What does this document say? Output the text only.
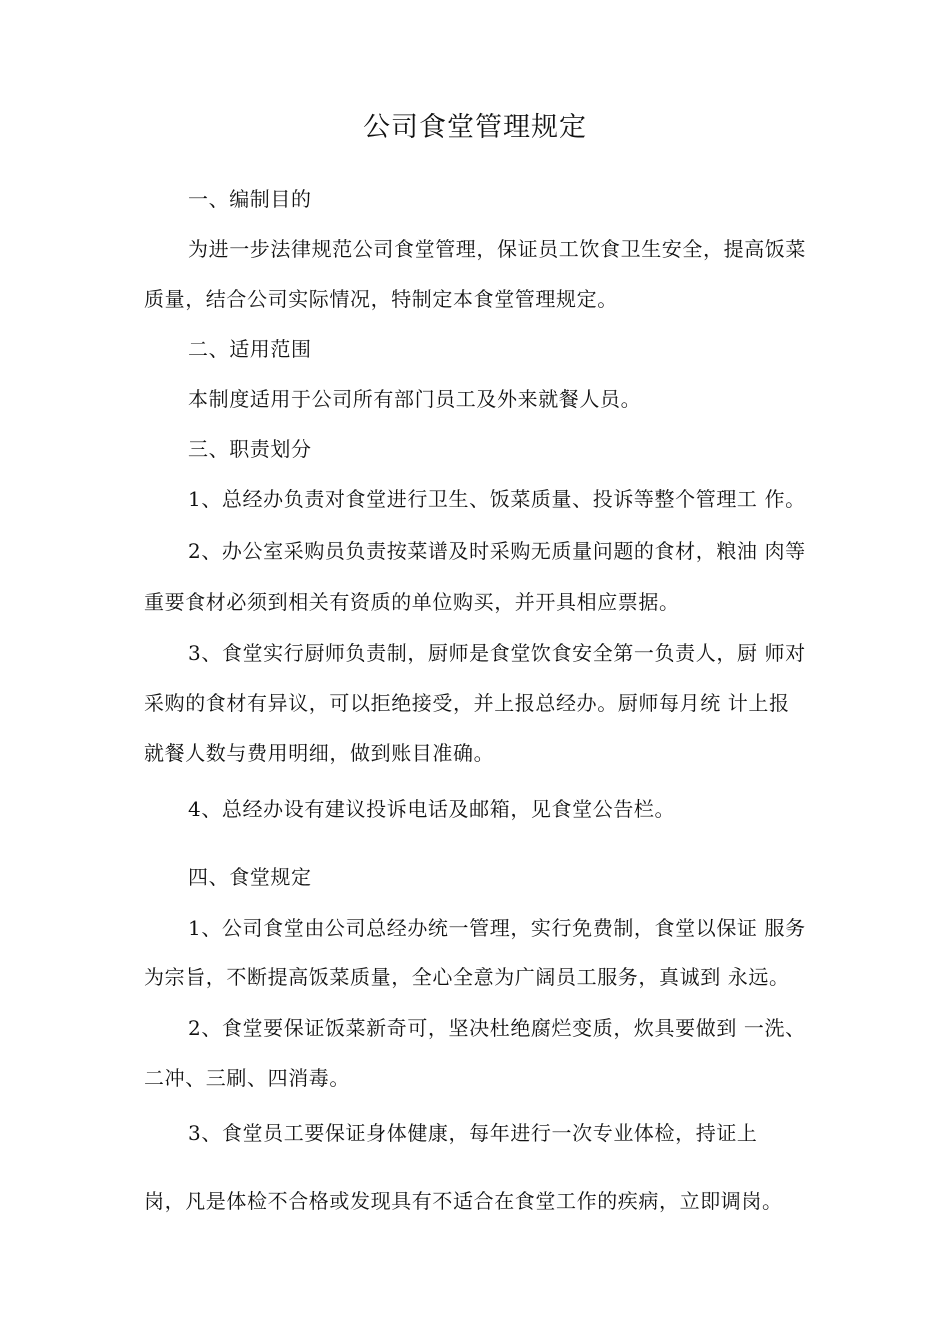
公司食堂管理规定
一、编制目的
为进一步法律规范公司食堂管理，保证员工饮食卫生安全，提高饭菜
质量，结合公司实际情况，特制定本食堂管理规定。
二、适用范围
本制度适用于公司所有部门员工及外来就餐人员。
三、职责划分
1、总经办负责对食堂进行卫生、饭菜质量、投诉等整个管理工 作。
2、办公室采购员负责按菜谱及时采购无质量问题的食材，粮油 肉等
重要食材必须到相关有资质的单位购买，并开具相应票据。
3、食堂实行厨师负责制，厨师是食堂饮食安全第一负责人，厨 师对
采购的食材有异议，可以拒绝接受，并上报总经办。厨师每月统 计上报
就餐人数与费用明细，做到账目准确。
4、总经办设有建议投诉电话及邮箱，见食堂公告栏。
四、食堂规定
1、公司食堂由公司总经办统一管理，实行免费制，食堂以保证 服务
为宗旨，不断提高饭菜质量，全心全意为广阔员工服务，真诚到 永远。
2、食堂要保证饭菜新奇可，坚决杜绝腐烂变质，炊具要做到 一洗、
二冲、三刷、四消毒。
3、食堂员工要保证身体健康，每年进行一次专业体检，持证上
岗，凡是体检不合格或发现具有不适合在食堂工作的疾病，立即调岗。
